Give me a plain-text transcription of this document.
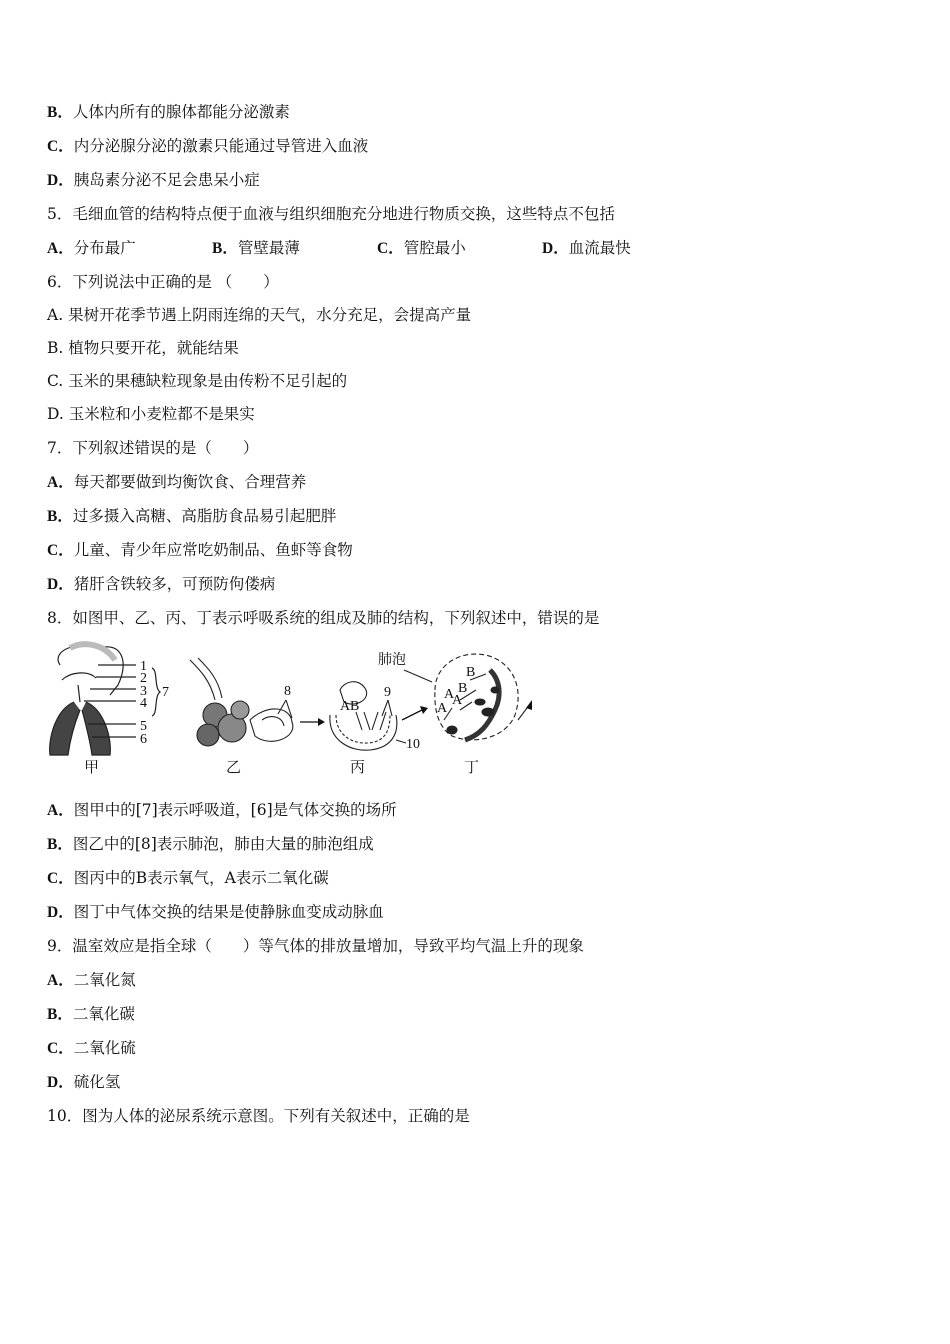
B．人体内所有的腺体都能分泌激素
C．内分泌腺分泌的激素只能通过导管进入血液
D．胰岛素分泌不足会患呆小症
5．毛细血管的结构特点便于血液与组织细胞充分地进行物质交换，这些特点不包括
A．分布最广	B．管壁最薄	C．管腔最小	D．血流最快
6．下列说法中正确的是 （　　）
A. 果树开花季节遇上阴雨连绵的天气，水分充足，会提高产量
B. 植物只要开花，就能结果
C. 玉米的果穗缺粒现象是由传粉不足引起的
D. 玉米粒和小麦粒都不是果实
7．下列叙述错误的是（　　）
A．每天都要做到均衡饮食、合理营养
B．过多摄入高糖、高脂肪食品易引起肥胖
C．儿童、青少年应常吃奶制品、鱼虾等食物
D．猪肝含铁较多，可预防佝偻病
8．如图甲、乙、丙、丁表示呼吸系统的组成及肺的结构，下列叙述中，错误的是
1
2
3
4
5
6
7	8
A B
9
10
肺泡
B
B
A
A
A
甲	乙	丙	丁
A．图甲中的[7]表示呼吸道，[6]是气体交换的场所
B．图乙中的[8]表示肺泡，肺由大量的肺泡组成
C．图丙中的B表示氧气，A表示二氧化碳
D．图丁中气体交换的结果是使静脉血变成动脉血
9．温室效应是指全球（　　）等气体的排放量增加，导致平均气温上升的现象
A．二氧化氮
B．二氧化碳
C．二氧化硫
D．硫化氢
10．图为人体的泌尿系统示意图。下列有关叙述中，正确的是
